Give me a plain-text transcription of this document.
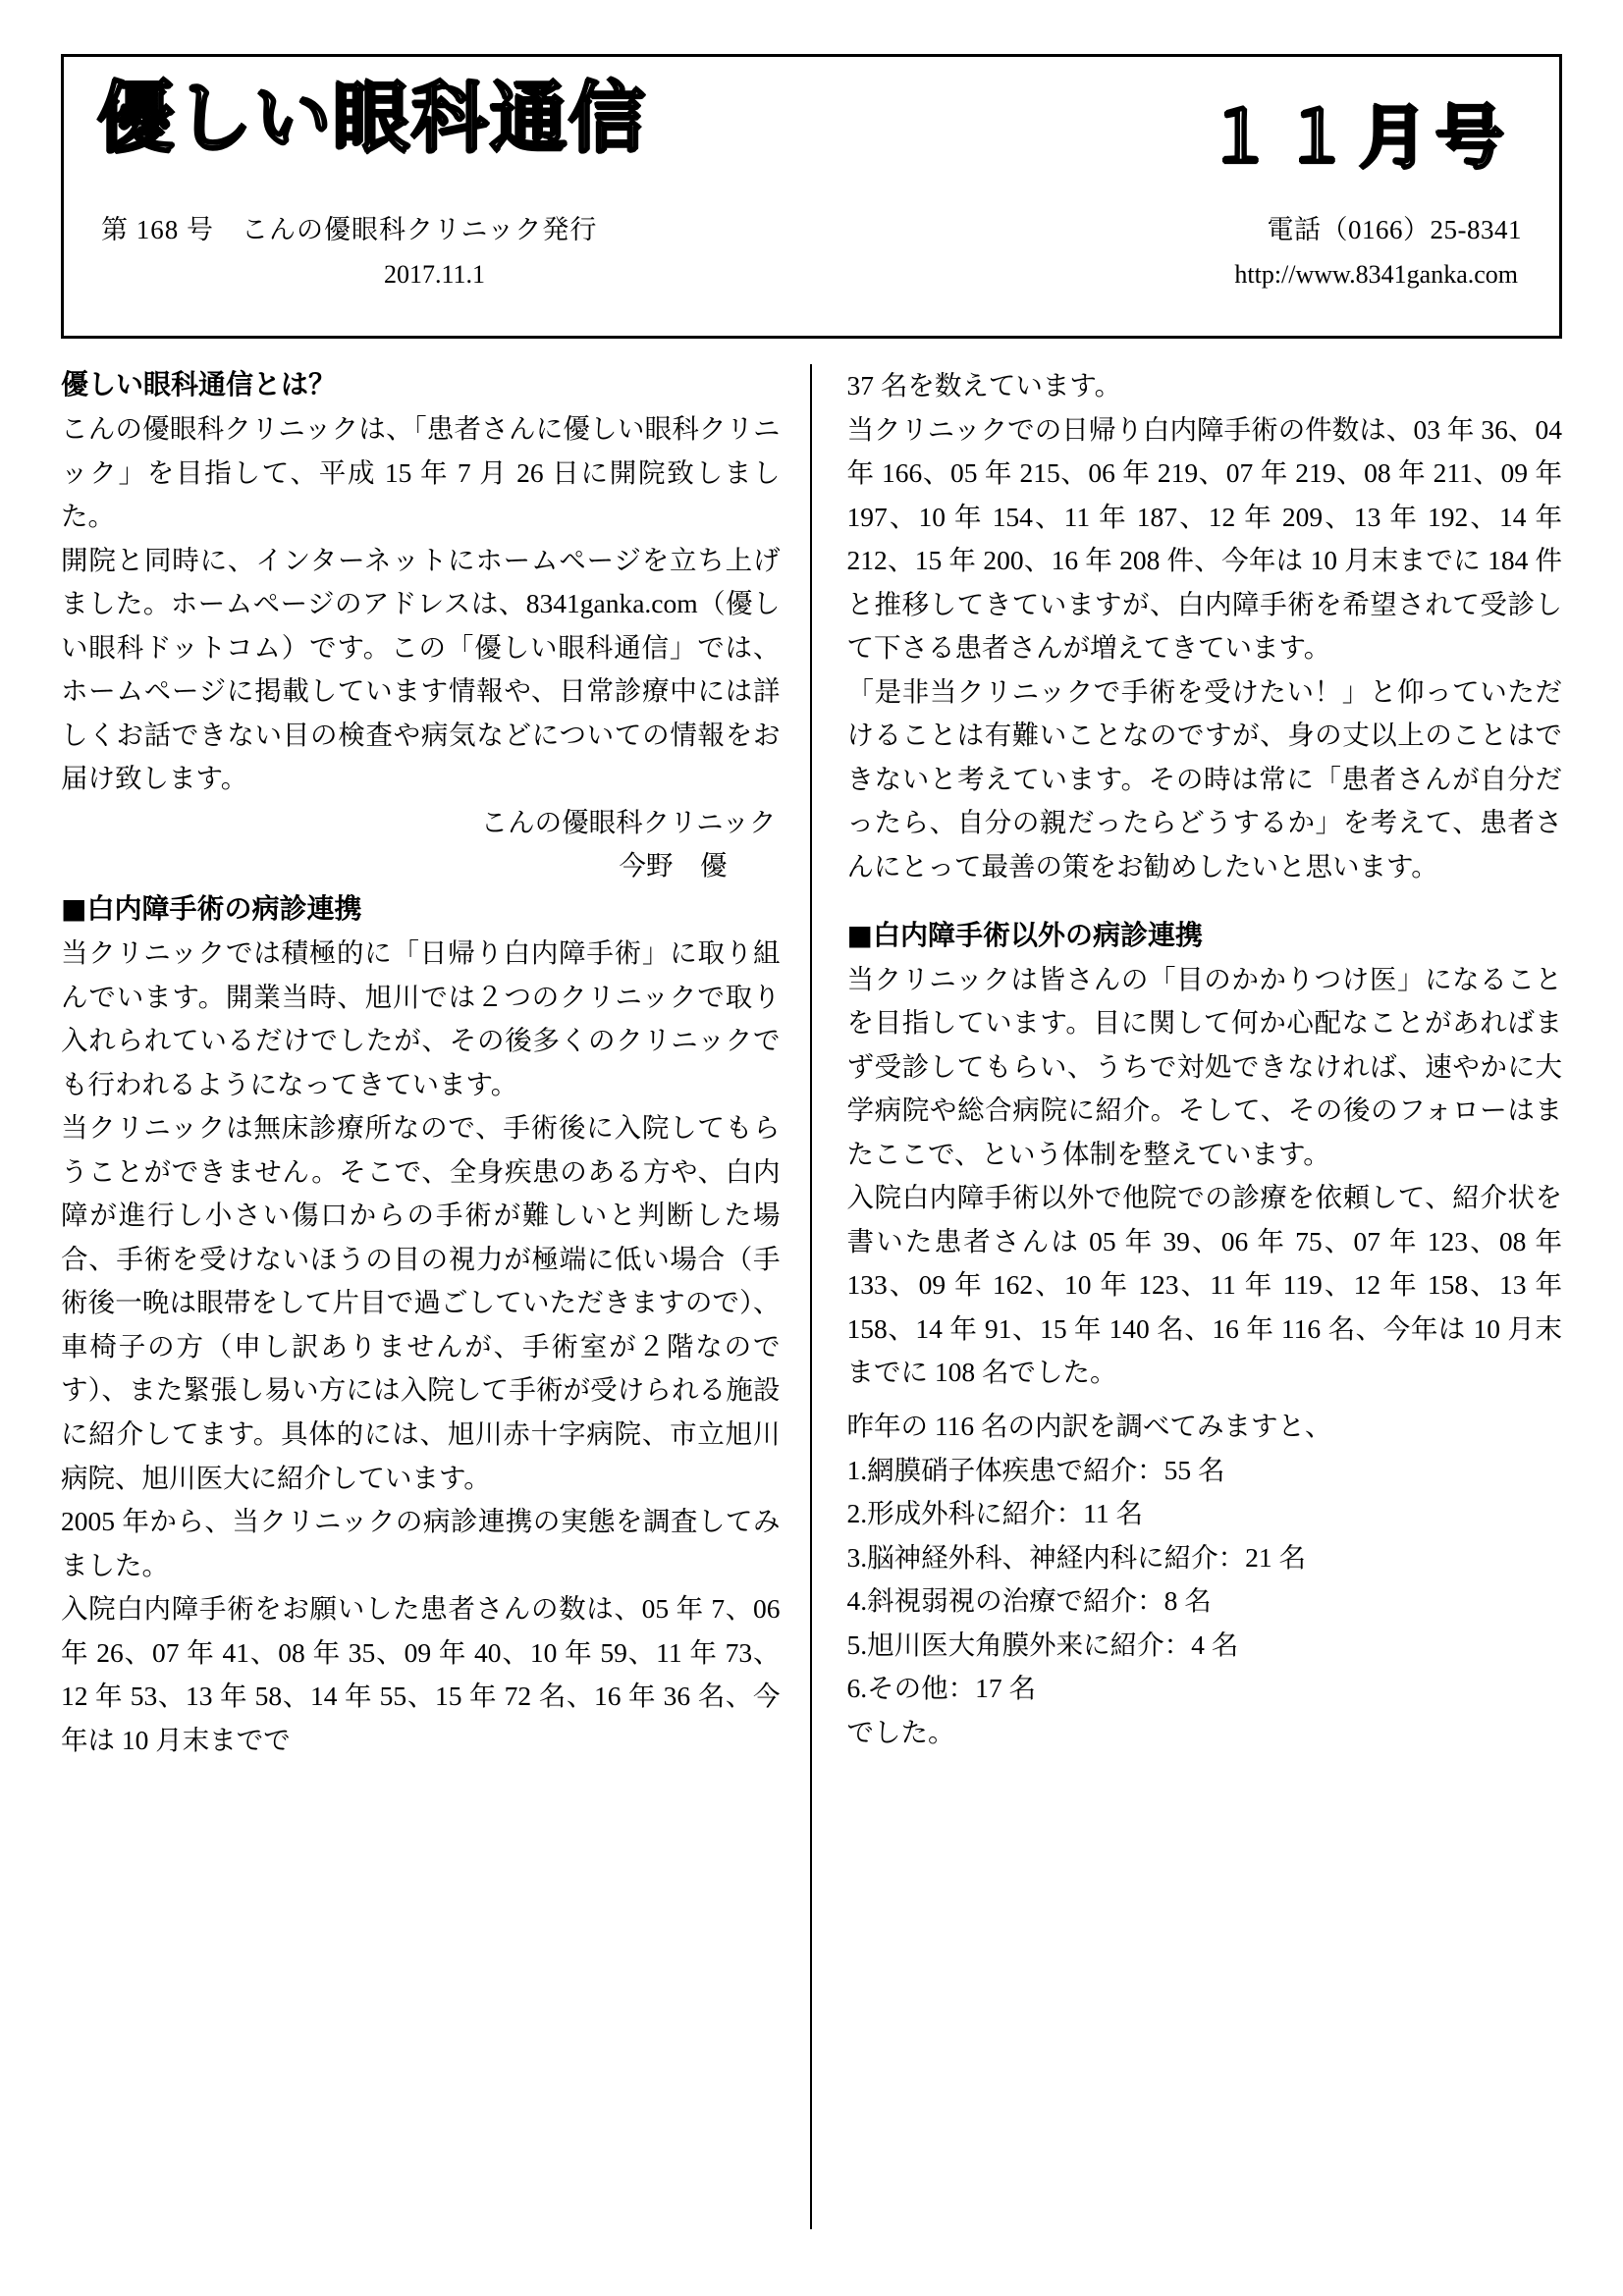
優しい眼科通信	１１月号
第 168 号　こんの優眼科クリニック発行	電話（0166）25-8341
2017.11.1	http://www.8341ganka.com
優しい眼科通信とは？

こんの優眼科クリニックは、「患者さんに優しい眼科クリニック」を目指して、平成 15 年 7 月 26 日に開院致しました。

開院と同時に、インターネットにホームページを立ち上げました。ホームページのアドレスは、8341ganka.com（優しい眼科ドットコム）です。この「優しい眼科通信」では、ホームページに掲載しています情報や、日常診療中には詳しくお話できない目の検査や病気などについての情報をお届け致します。

こんの優眼科クリニック

今野　優

■白内障手術の病診連携

当クリニックでは積極的に「日帰り白内障手術」に取り組んでいます。開業当時、旭川では２つのクリニックで取り入れられているだけでしたが、その後多くのクリニックでも行われるようになってきています。

当クリニックは無床診療所なので、手術後に入院してもらうことができません。そこで、全身疾患のある方や、白内障が進行し小さい傷口からの手術が難しいと判断した場合、手術を受けないほうの目の視力が極端に低い場合（手術後一晩は眼帯をして片目で過ごしていただきますので）、車椅子の方（申し訳ありませんが、手術室が２階なのです）、また緊張し易い方には入院して手術が受けられる施設に紹介してます。具体的には、旭川赤十字病院、市立旭川病院、旭川医大に紹介しています。

2005 年から、当クリニックの病診連携の実態を調査してみました。

入院白内障手術をお願いした患者さんの数は、05 年 7、06 年 26、07 年 41、08 年 35、09 年 40、10 年 59、11 年 73、12 年 53、13 年 58、14 年 55、15 年 72 名、16 年 36 名、今年は 10 月末までで

37 名を数えています。

当クリニックでの日帰り白内障手術の件数は、03 年 36、04 年 166、05 年 215、06 年 219、07 年 219、08 年 211、09 年 197、10 年 154、11 年 187、12 年 209、13 年 192、14 年 212、15 年 200、16 年 208 件、今年は 10 月末までに 184 件と推移してきていますが、白内障手術を希望されて受診して下さる患者さんが増えてきています。

「是非当クリニックで手術を受けたい！」と仰っていただけることは有難いことなのですが、身の丈以上のことはできないと考えています。その時は常に「患者さんが自分だったら、自分の親だったらどうするか」を考えて、患者さんにとって最善の策をお勧めしたいと思います。

■白内障手術以外の病診連携

当クリニックは皆さんの「目のかかりつけ医」になることを目指しています。目に関して何か心配なことがあればまず受診してもらい、うちで対処できなければ、速やかに大学病院や総合病院に紹介。そして、その後のフォローはまたここで、という体制を整えています。

入院白内障手術以外で他院での診療を依頼して、紹介状を書いた患者さんは 05 年 39、06 年 75、07 年 123、08 年 133、09 年 162、10 年 123、11 年 119、12 年 158、13 年 158、14 年 91、15 年 140 名、16 年 116 名、今年は 10 月末までに 108 名でした。

昨年の 116 名の内訳を調べてみますと、

1.網膜硝子体疾患で紹介：55 名

2.形成外科に紹介：11 名

3.脳神経外科、神経内科に紹介：21 名

4.斜視弱視の治療で紹介：8 名

5.旭川医大角膜外来に紹介：4 名

6.その他：17 名

でした。
